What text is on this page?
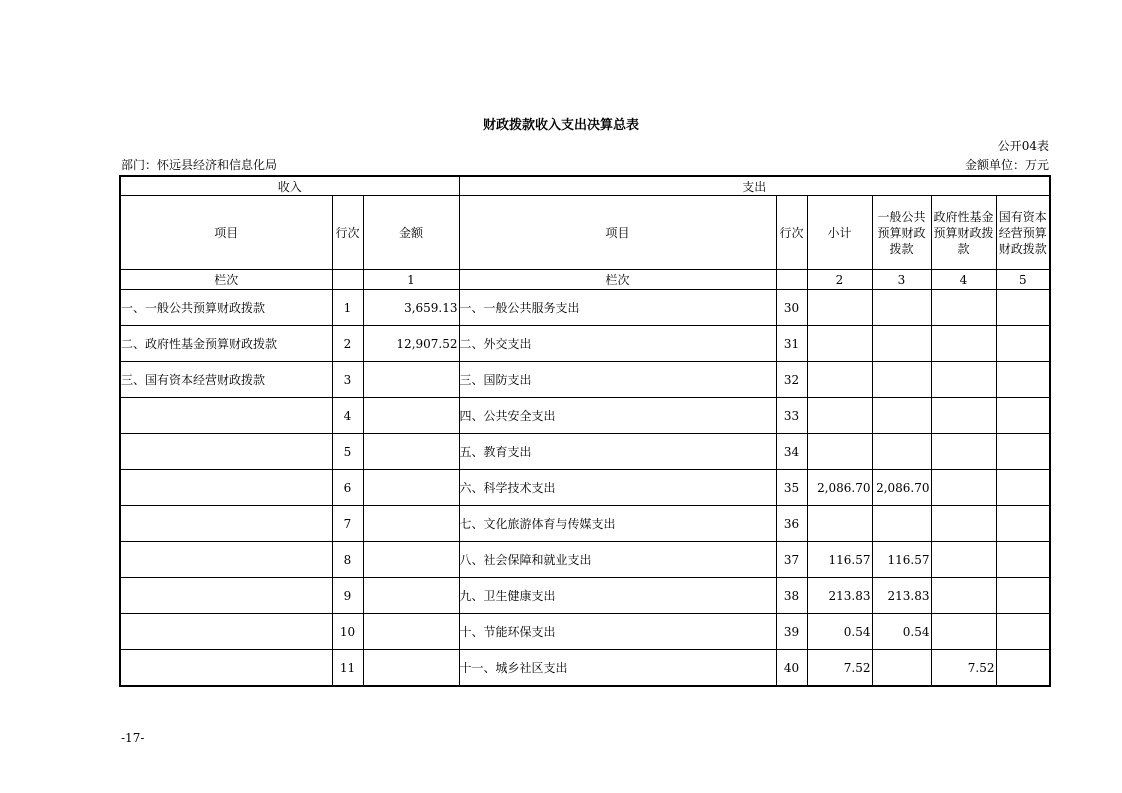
财政拨款收入支出决算总表
公开04表
部门：怀远县经济和信息化局	金额单位：万元
收入			支出					
项目	行次	金额	项目	行次	小计	一般公共预算财政拨款	政府性基金预算财政拨款	国有资本经营预算财政拨款
栏次		1	栏次		2	3	4	5
一、一般公共预算财政拨款	1	3,659.13	一、一般公共服务支出	30				
二、政府性基金预算财政拨款	2	12,907.52	二、外交支出	31				
三、国有资本经营财政拨款	3		三、国防支出	32				
	4		四、公共安全支出	33				
	5		五、教育支出	34				
	6		六、科学技术支出	35	2,086.70	2,086.70		
	7		七、文化旅游体育与传媒支出	36				
	8		八、社会保障和就业支出	37	116.57	116.57		
	9		九、卫生健康支出	38	213.83	213.83		
	10		十、节能环保支出	39	0.54	0.54		
	11		十一、城乡社区支出	40	7.52		7.52	
-17-
